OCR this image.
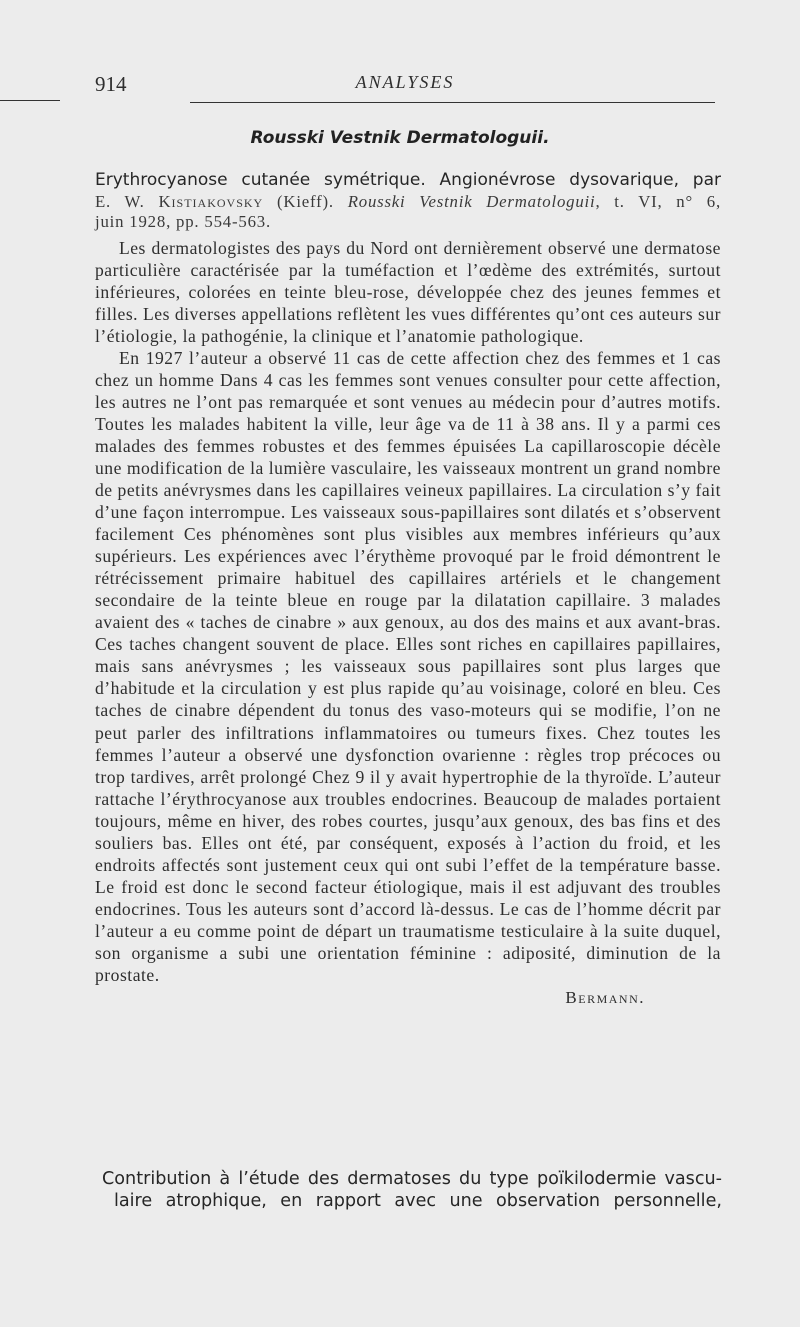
914	ANALYSES
Rousski Vestnik Dermatologuii.
Erythrocyanose cutanée symétrique. Angionévrose dysovarique, par
E. W. Kistiakovsky (Kieff). Rousski Vestnik Dermatologuii, t. VI, n° 6,
juin 1928, pp. 554-563.

Les dermatologistes des pays du Nord ont dernièrement observé une dermatose particulière caractérisée par la tuméfaction et l’œdème des extrémités, surtout inférieures, colorées en teinte bleu-rose, développée chez des jeunes femmes et filles. Les diverses appellations reflètent les vues différentes qu’ont ces auteurs sur l’étiologie, la pathogénie, la clinique et l’anatomie pathologique.

En 1927 l’auteur a observé 11 cas de cette affection chez des femmes et 1 cas chez un homme Dans 4 cas les femmes sont venues consulter pour cette affection, les autres ne l’ont pas remarquée et sont venues au médecin pour d’autres motifs. Toutes les malades habitent la ville, leur âge va de 11 à 38 ans. Il y a parmi ces malades des femmes robustes et des femmes épuisées La capillaroscopie décèle une modification de la lumière vasculaire, les vaisseaux montrent un grand nombre de petits anévrysmes dans les capillaires veineux papillaires. La circulation s’y fait d’une façon interrompue. Les vaisseaux sous-papillaires sont dilatés et s’observent facilement Ces phénomènes sont plus visibles aux membres inférieurs qu’aux supérieurs. Les expériences avec l’érythème provoqué par le froid démontrent le rétrécissement primaire habituel des capillaires artériels et le changement secondaire de la teinte bleue en rouge par la dilatation capillaire. 3 malades avaient des « taches de cinabre » aux genoux, au dos des mains et aux avant-bras. Ces taches changent souvent de place. Elles sont riches en capillaires papillaires, mais sans anévrysmes ; les vaisseaux sous papillaires sont plus larges que d’habitude et la circulation y est plus rapide qu’au voisinage, coloré en bleu. Ces taches de cinabre dépendent du tonus des vaso-moteurs qui se modifie, l’on ne peut parler des infiltrations inflammatoires ou tumeurs fixes. Chez toutes les femmes l’auteur a observé une dysfonction ovarienne : règles trop précoces ou trop tardives, arrêt prolongé Chez 9 il y avait hypertrophie de la thyroïde. L’auteur rattache l’érythrocyanose aux troubles endocrines. Beaucoup de malades portaient toujours, même en hiver, des robes courtes, jusqu’aux genoux, des bas fins et des souliers bas. Elles ont été, par conséquent, exposés à l’action du froid, et les endroits affectés sont justement ceux qui ont subi l’effet de la température basse. Le froid est donc le second facteur étiologique, mais il est adjuvant des troubles endocrines. Tous les auteurs sont d’accord là-dessus. Le cas de l’homme décrit par l’auteur a eu comme point de départ un traumatisme testiculaire à la suite duquel, son organisme a subi une orientation féminine : adiposité, diminution de la prostate.

Bermann.
Contribution à l’étude des dermatoses du type poïkilodermie vascu-
laire atrophique, en rapport avec une observation personnelle,
